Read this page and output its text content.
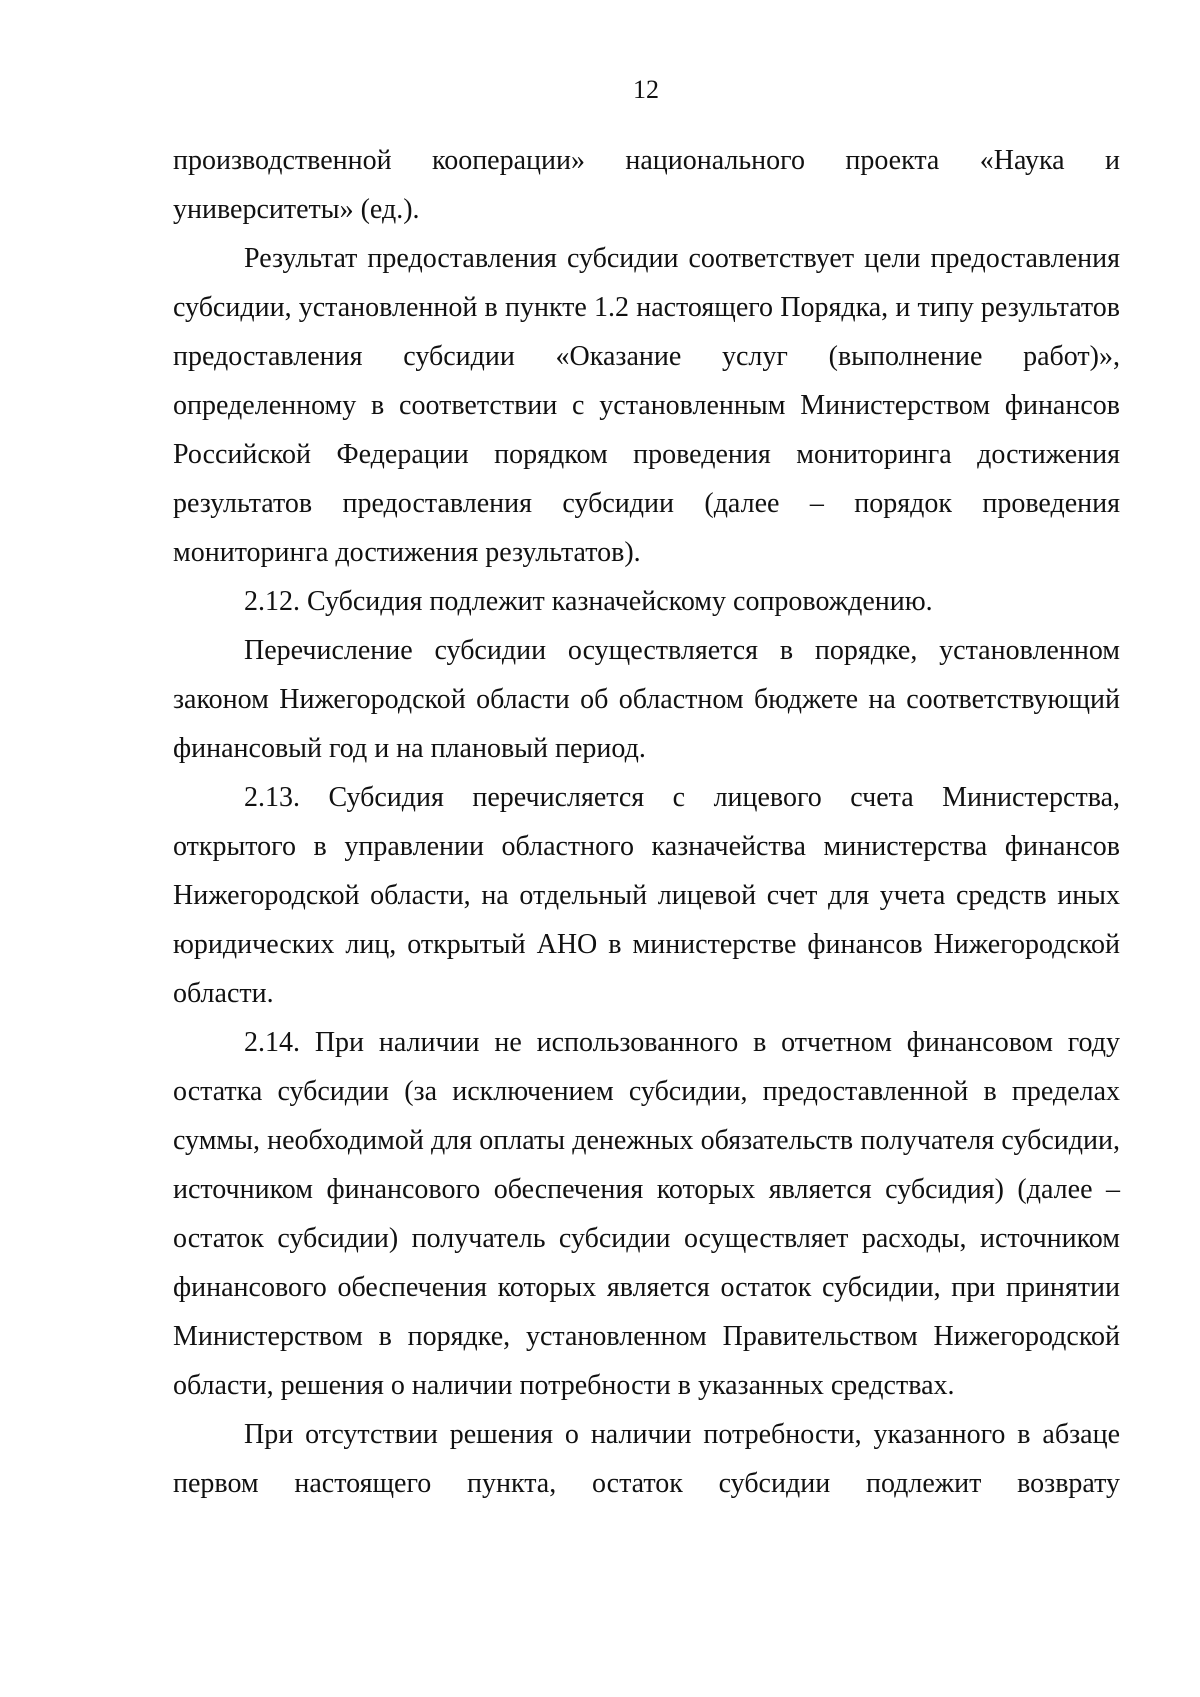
12

производственной кооперации» национального проекта «Наука и университеты» (ед.).

Результат предоставления субсидии соответствует цели предоставления субсидии, установленной в пункте 1.2 настоящего Порядка, и типу результатов предоставления субсидии «Оказание услуг (выполнение работ)», определенному в соответствии с установленным Министерством финансов Российской Федерации порядком проведения мониторинга достижения результатов предоставления субсидии (далее – порядок проведения мониторинга достижения результатов).

2.12. Субсидия подлежит казначейскому сопровождению.

Перечисление субсидии осуществляется в порядке, установленном законом Нижегородской области об областном бюджете на соответствующий финансовый год и на плановый период.

2.13. Субсидия перечисляется с лицевого счета Министерства, открытого в управлении областного казначейства министерства финансов Нижегородской области, на отдельный лицевой счет для учета средств иных юридических лиц, открытый АНО в министерстве финансов Нижегородской области.

2.14. При наличии не использованного в отчетном финансовом году остатка субсидии (за исключением субсидии, предоставленной в пределах суммы, необходимой для оплаты денежных обязательств получателя субсидии, источником финансового обеспечения которых является субсидия) (далее – остаток субсидии) получатель субсидии осуществляет расходы, источником финансового обеспечения которых является остаток субсидии, при принятии Министерством в порядке, установленном Правительством Нижегородской области, решения о наличии потребности в указанных средствах.

При отсутствии решения о наличии потребности, указанного в абзаце первом настоящего пункта, остаток субсидии подлежит возврату
